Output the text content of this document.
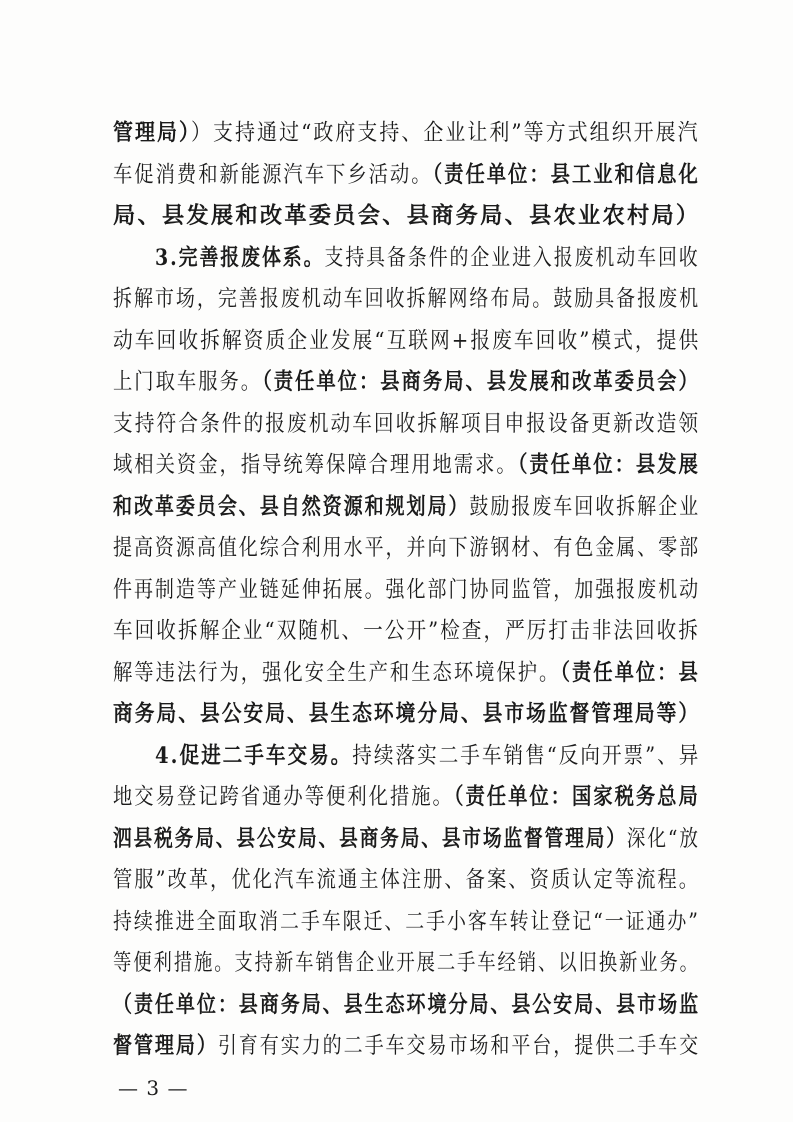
管理局））支持通过“政府支持、企业让利”等方式组织开展汽
车促消费和新能源汽车下乡活动。（责任单位：县工业和信息化
局、县发展和改革委员会、县商务局、县农业农村局）
3.完善报废体系。支持具备条件的企业进入报废机动车回收
拆解市场，完善报废机动车回收拆解网络布局。鼓励具备报废机
动车回收拆解资质企业发展“互联网+报废车回收”模式，提供
上门取车服务。（责任单位：县商务局、县发展和改革委员会）
支持符合条件的报废机动车回收拆解项目申报设备更新改造领
域相关资金，指导统筹保障合理用地需求。（责任单位：县发展
和改革委员会、县自然资源和规划局）鼓励报废车回收拆解企业
提高资源高值化综合利用水平，并向下游钢材、有色金属、零部
件再制造等产业链延伸拓展。强化部门协同监管，加强报废机动
车回收拆解企业“双随机、一公开”检查，严厉打击非法回收拆
解等违法行为，强化安全生产和生态环境保护。（责任单位：县
商务局、县公安局、县生态环境分局、县市场监督管理局等）
4.促进二手车交易。持续落实二手车销售“反向开票”、异
地交易登记跨省通办等便利化措施。（责任单位：国家税务总局
泗县税务局、县公安局、县商务局、县市场监督管理局）深化“放
管服”改革，优化汽车流通主体注册、备案、资质认定等流程。
持续推进全面取消二手车限迁、二手小客车转让登记“一证通办”
等便利措施。支持新车销售企业开展二手车经销、以旧换新业务。
（责任单位：县商务局、县生态环境分局、县公安局、县市场监
督管理局）引育有实力的二手车交易市场和平台，提供二手车交
— 3 —
